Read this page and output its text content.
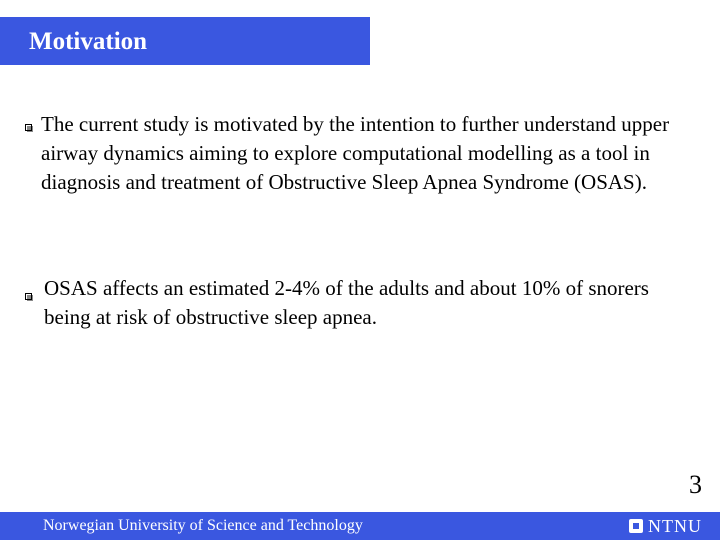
Motivation

The current study is motivated by the intention to further understand upper airway dynamics aiming to explore computational modelling as a tool in diagnosis and treatment of Obstructive Sleep Apnea Syndrome (OSAS).

OSAS affects an estimated 2-4% of the adults and about 10% of snorers being at risk of obstructive sleep apnea.

3
Norwegian University of Science and Technology	NTNU
